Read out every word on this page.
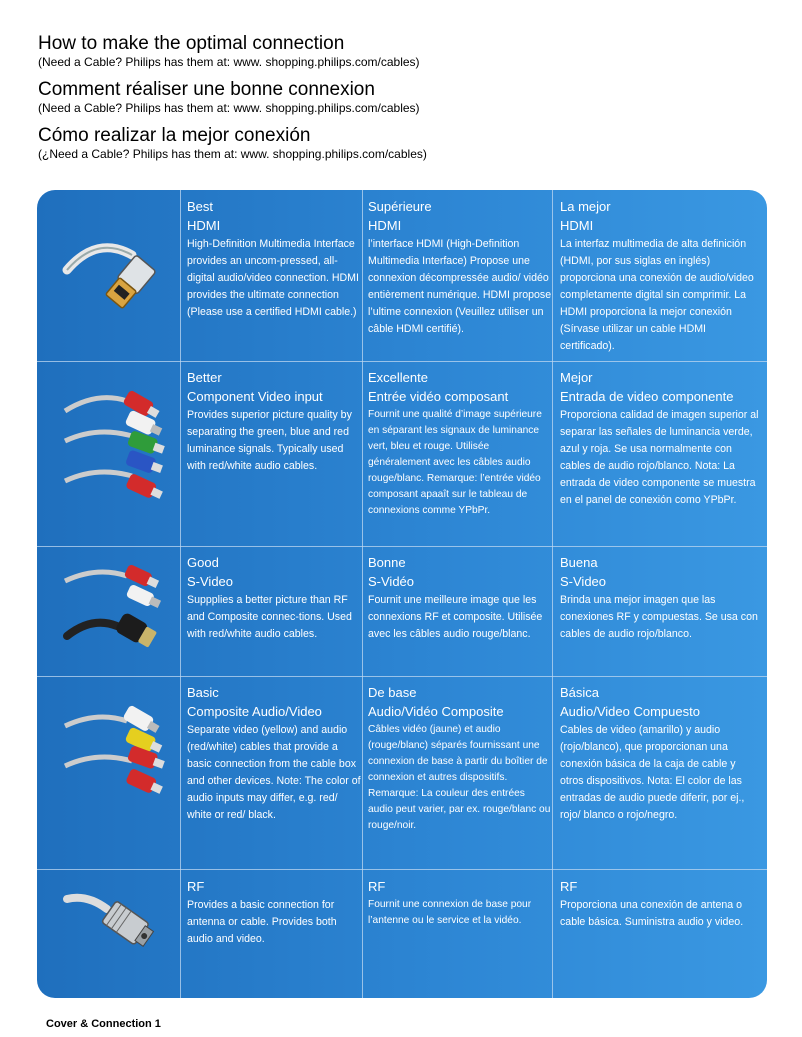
How to make the optimal connection
(Need a Cable? Philips has them at: www. shopping.philips.com/cables)
Comment réaliser une bonne connexion
(Need a Cable? Philips has them at: www. shopping.philips.com/cables)
Cómo realizar la mejor conexión
(¿Need a Cable? Philips has them at: www. shopping.philips.com/cables)
Best
HDMI
High-Definition Multimedia Interface provides an uncom-pressed, all-digital audio/video connection. HDMI provides the ultimate connection (Please use a certified HDMI cable.)
Supérieure
HDMI
l’interface HDMI (High-Definition Multimedia Interface) Propose une connexion décompressée audio/ vidéo entièrement numérique. HDMI propose l’ultime connexion (Veuillez utiliser un câble HDMI certifié).
La mejor
HDMI
La interfaz multimedia de alta definición (HDMI, por sus siglas en inglés) proporciona una conexión de audio/video completamente digital sin comprimir. La HDMI proporciona la mejor conexión (Sírvase utilizar un cable HDMI certificado).
Better
Component Video input
Provides superior picture quality by separating the green, blue and red luminance signals. Typically used with red/white audio cables.
Excellente
Entrée vidéo composant
Fournit une qualité d’image supérieure en séparant les signaux de luminance vert, bleu et rouge. Utilisée généralement avec les câbles audio rouge/blanc. Remarque: l’entrée vidéo composant apaaît sur le tableau de connexions comme YPbPr.
Mejor
Entrada de video componente
Proporciona calidad de imagen superior al separar las señales de luminancia verde, azul y roja. Se usa normalmente con cables de audio rojo/blanco. Nota: La entrada de video componente se muestra en el panel de conexión como YPbPr.
Good
S-Video
Suppplies a better picture than RF and Composite connec-tions. Used with red/white audio cables.
Bonne
S-Vidéo
Fournit une meilleure image que les connexions RF et composite. Utilisée avec les câbles audio rouge/blanc.
Buena
S-Video
Brinda una mejor imagen que las conexiones RF y compuestas. Se usa con cables de audio rojo/blanco.
Basic
Composite Audio/Video
Separate video (yellow) and audio (red/white) cables that provide a basic connection from the cable box and other devices. Note: The color of audio inputs may differ, e.g. red/ white or red/ black.
De base
Audio/Vidéo Composite
Câbles vidéo (jaune) et audio (rouge/blanc) séparés fournissant une connexion de base à partir du boîtier de connexion et autres dispositifs. Remarque: La couleur des entrées audio peut varier, par ex. rouge/blanc ou rouge/noir.
Básica
Audio/Video Compuesto
Cables de video (amarillo) y audio (rojo/blanco), que proporcionan una conexión básica de la caja de cable y otros dispositivos. Nota: El color de las entradas de audio puede diferir, por ej., rojo/ blanco o rojo/negro.
RF
Provides a basic connection for antenna or cable. Provides both audio and video.
RF
Fournit une connexion de base pour l’antenne ou le service et la vidéo.
RF
Proporciona una conexión de antena o cable básica. Suministra audio y video.
Cover & Connection 1
